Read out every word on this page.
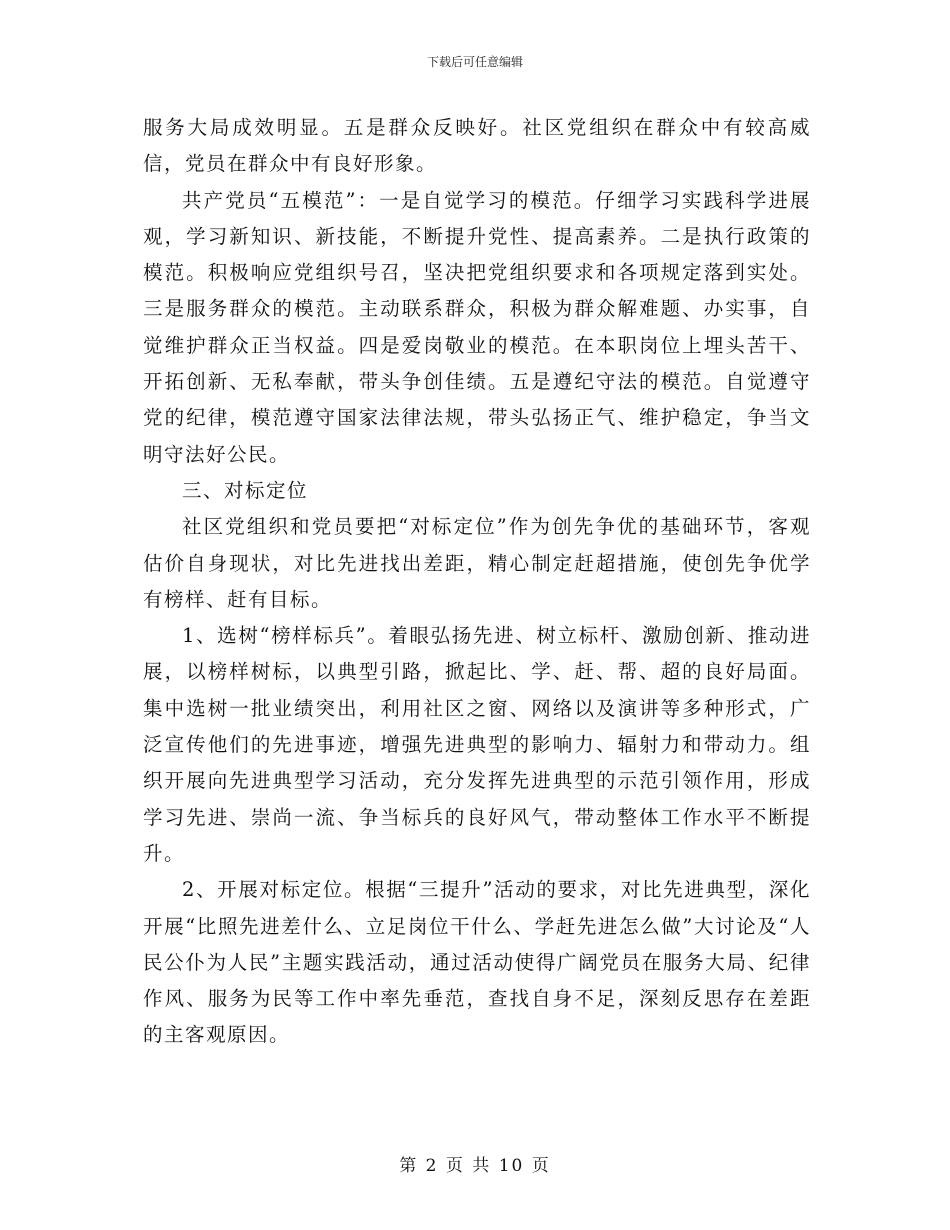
下载后可任意编辑

服务大局成效明显。五是群众反映好。社区党组织在群众中有较高威信，党员在群众中有良好形象。

共产党员“五模范”：一是自觉学习的模范。仔细学习实践科学进展观，学习新知识、新技能，不断提升党性、提高素养。二是执行政策的模范。积极响应党组织号召，坚决把党组织要求和各项规定落到实处。三是服务群众的模范。主动联系群众，积极为群众解难题、办实事，自觉维护群众正当权益。四是爱岗敬业的模范。在本职岗位上埋头苦干、开拓创新、无私奉献，带头争创佳绩。五是遵纪守法的模范。自觉遵守党的纪律，模范遵守国家法律法规，带头弘扬正气、维护稳定，争当文明守法好公民。

三、对标定位

社区党组织和党员要把“对标定位”作为创先争优的基础环节，客观估价自身现状，对比先进找出差距，精心制定赶超措施，使创先争优学有榜样、赶有目标。

1、选树“榜样标兵”。着眼弘扬先进、树立标杆、激励创新、推动进展，以榜样树标，以典型引路，掀起比、学、赶、帮、超的良好局面。集中选树一批业绩突出，利用社区之窗、网络以及演讲等多种形式，广泛宣传他们的先进事迹，增强先进典型的影响力、辐射力和带动力。组织开展向先进典型学习活动，充分发挥先进典型的示范引领作用，形成学习先进、崇尚一流、争当标兵的良好风气，带动整体工作水平不断提升。

2、开展对标定位。根据“三提升”活动的要求，对比先进典型，深化开展“比照先进差什么、立足岗位干什么、学赶先进怎么做”大讨论及“人民公仆为人民”主题实践活动，通过活动使得广阔党员在服务大局、纪律作风、服务为民等工作中率先垂范，查找自身不足，深刻反思存在差距的主客观原因。

第 2 页 共 10 页
